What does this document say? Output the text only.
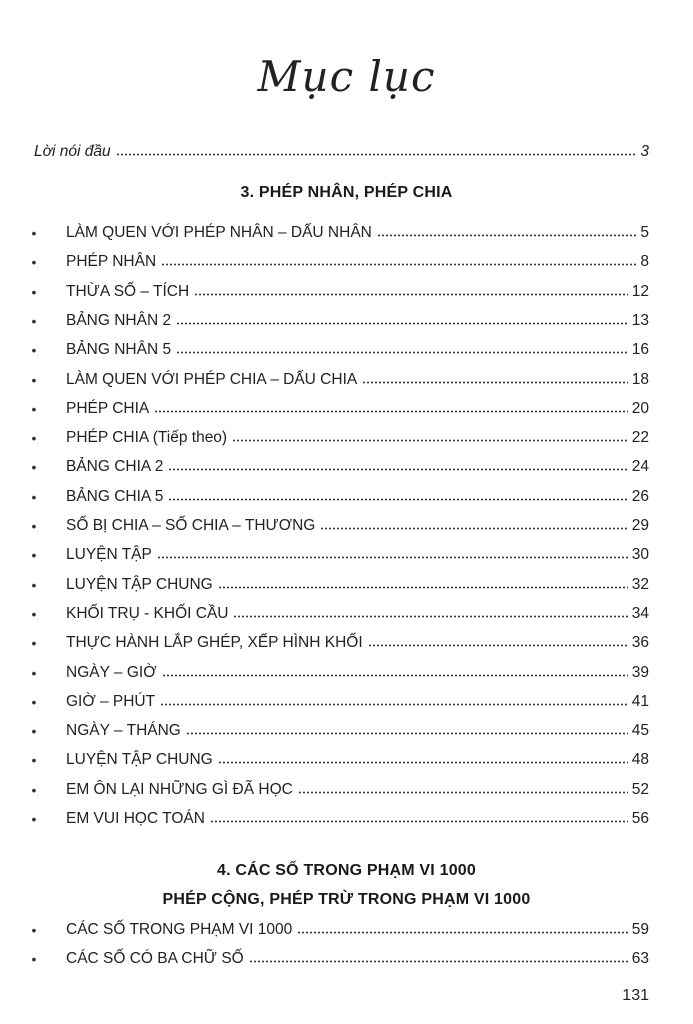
Mục lục
Lời nói đầu	3
3. PHÉP NHÂN, PHÉP CHIA
• LÀM QUEN VỚI PHÉP NHÂN – DẤU NHÂN	5
• PHÉP NHÂN	8
• THỪA SỐ – TÍCH	12
• BẢNG NHÂN 2	13
• BẢNG NHÂN 5	16
• LÀM QUEN VỚI PHÉP CHIA – DẤU CHIA	18
• PHÉP CHIA	20
• PHÉP CHIA (Tiếp theo)	22
• BẢNG CHIA 2	24
• BẢNG CHIA 5	26
• SỐ BỊ CHIA – SỐ CHIA – THƯƠNG	29
• LUYỆN TẬP	30
• LUYỆN TẬP CHUNG	32
• KHỐI TRỤ - KHỐI CẦU	34
• THỰC HÀNH LẮP GHÉP, XẾP HÌNH KHỐI	36
• NGÀY – GIỜ	39
• GIỜ – PHÚT	41
• NGÀY – THÁNG	45
• LUYỆN TẬP CHUNG	48
• EM ÔN LẠI NHỮNG GÌ ĐÃ HỌC	52
• EM VUI HỌC TOÁN	56
4. CÁC SỐ TRONG PHẠM VI 1000
PHÉP CỘNG, PHÉP TRỪ TRONG PHẠM VI 1000
• CÁC SỐ TRONG PHẠM VI 1000	59
• CÁC SỐ CÓ BA CHỮ SỐ	63
131
